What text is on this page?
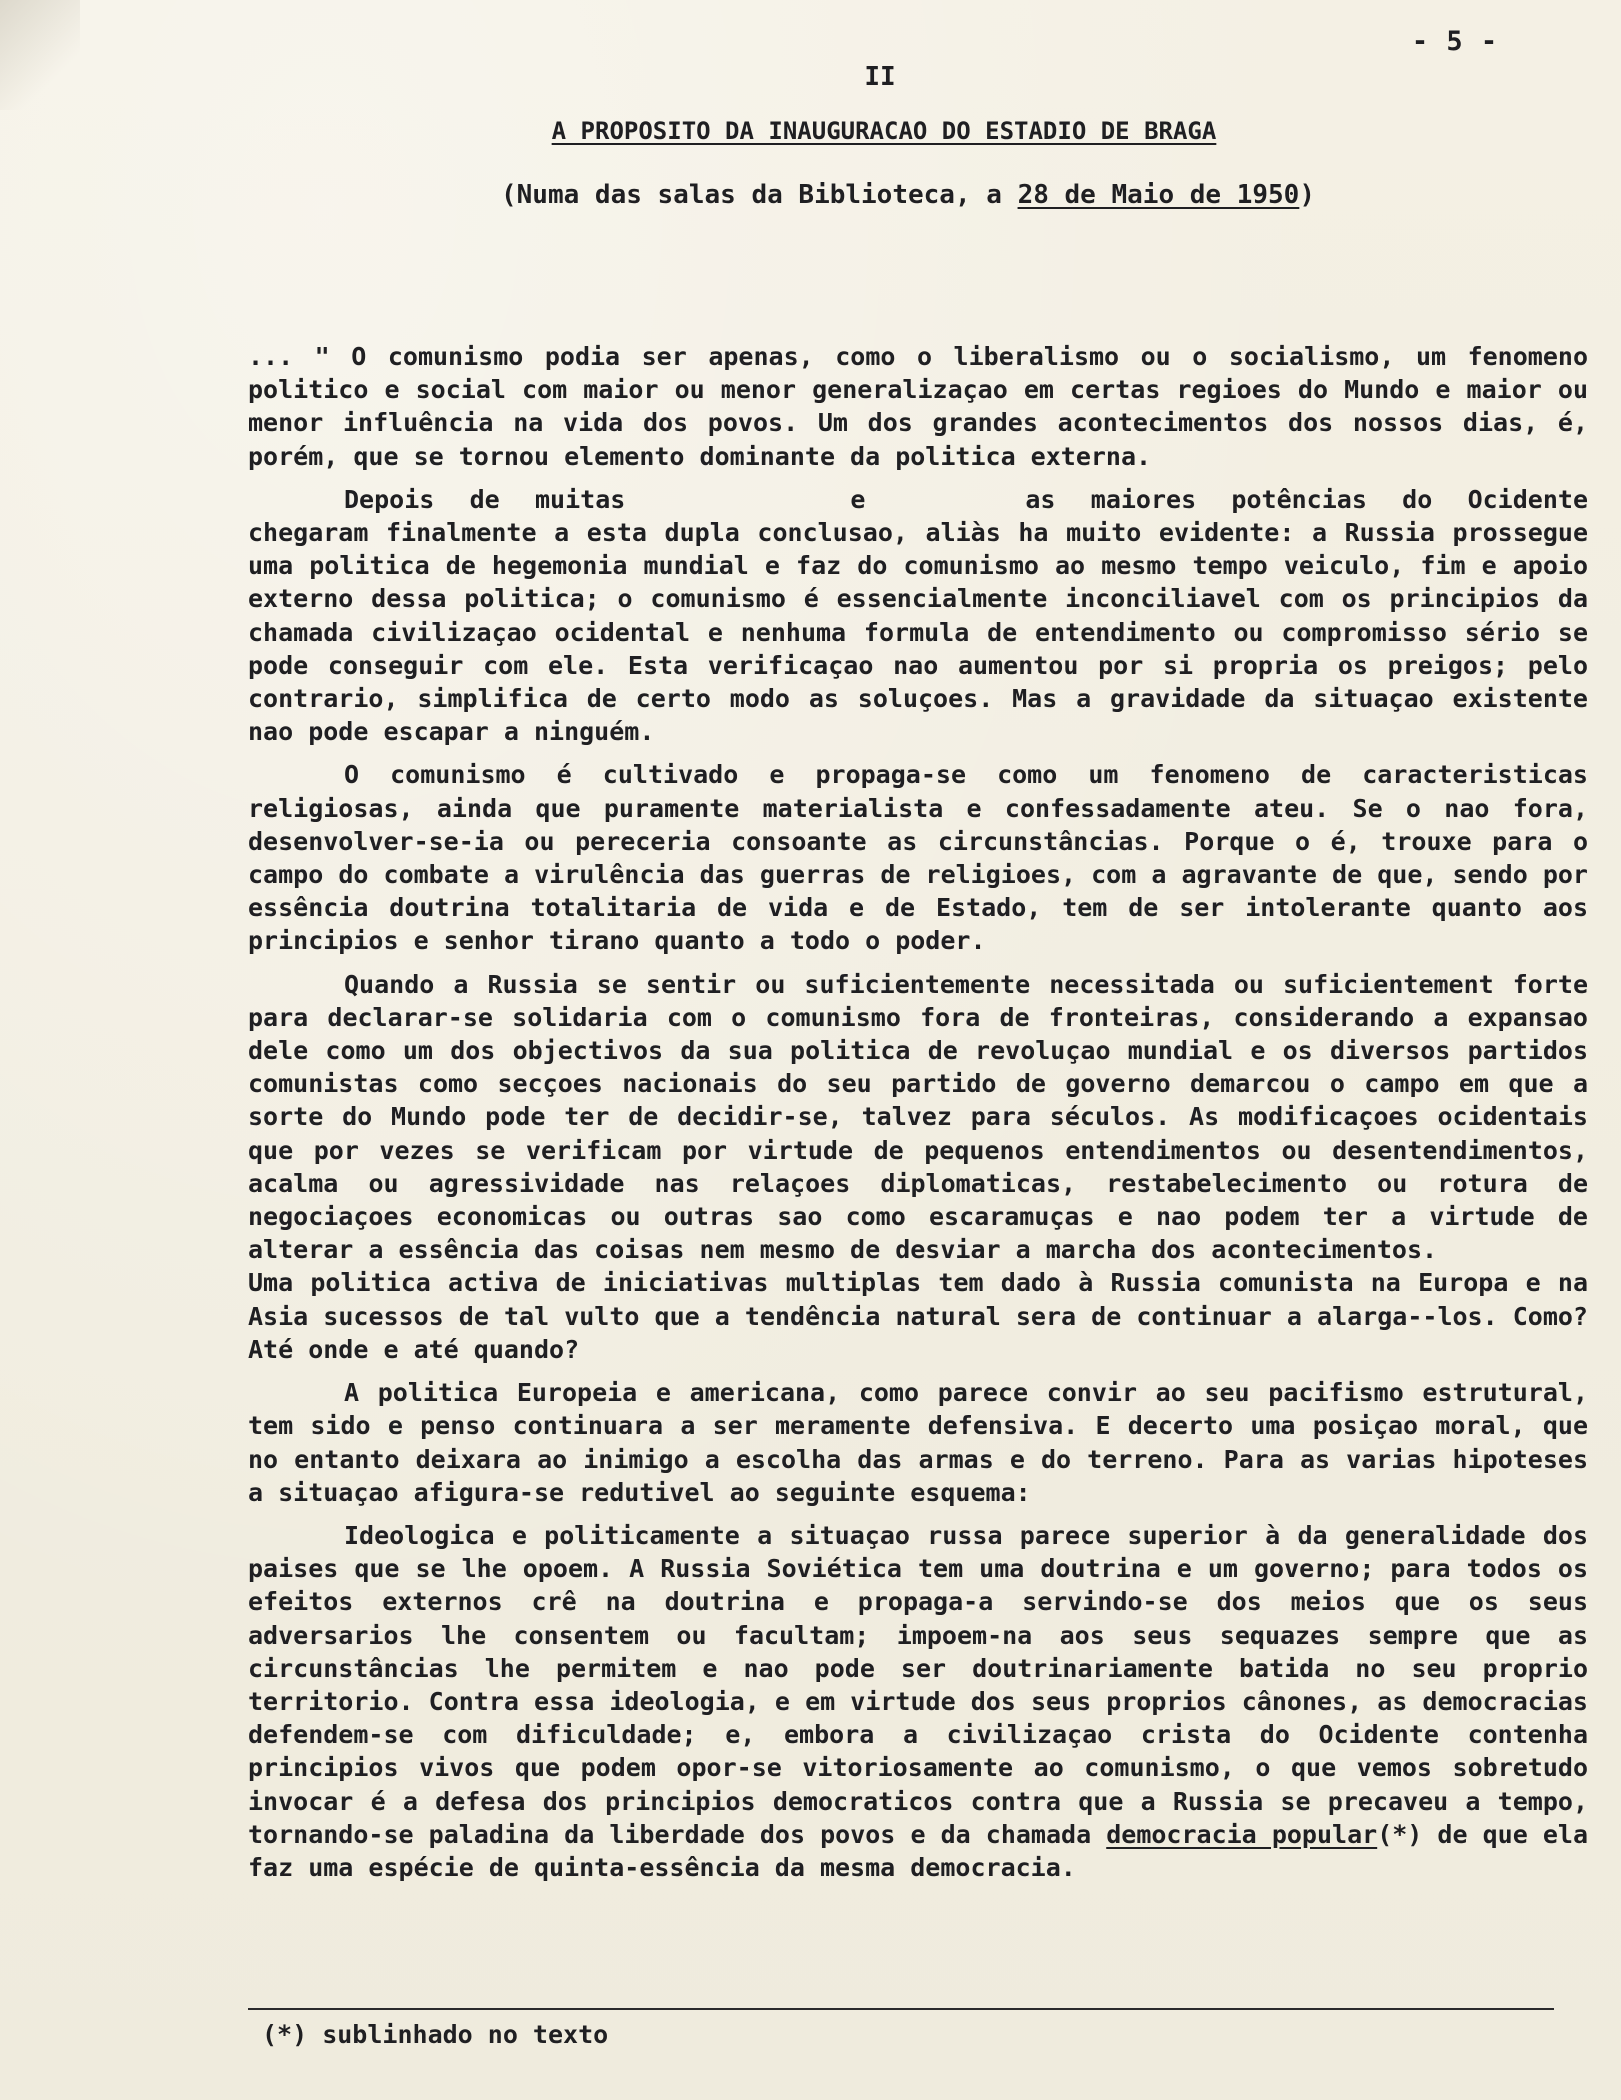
- 5 -
II
A PROPOSITO DA INAUGURACAO DO ESTADIO DE BRAGA
(Numa das salas da Biblioteca, a 28 de Maio de 1950)

... " O comunismo podia ser apenas, como o liberalismo ou o socialismo, um fenomeno politico e social com maior ou menor generalizaçao em certas regioes do Mundo e maior ou menor influência na vida dos povos. Um dos grandes acontecimentos dos nossos dias, é, porém, que se tornou elemento dominante da politica externa.

Depois de muitas	e	as maiores potências do Ocidente chegaram finalmente a esta dupla conclusao, aliàs ha muito evidente: a Russia prossegue uma politica de hegemonia mundial e faz do comunismo ao mesmo tempo veiculo, fim e apoio externo dessa politica; o comunismo é essencialmente inconciliavel com os principios da chamada civilizaçao ocidental e nenhuma formula de entendimento ou compromisso sério se pode conseguir com ele. Esta verificaçao nao aumentou por si propria os preigos; pelo contrario, simplifica de certo modo as soluçoes. Mas a gravidade da situaçao existente nao pode escapar a ninguém.

O comunismo é cultivado e propaga-se como um fenomeno de caracteristicas religiosas, ainda que puramente materialista e confessadamente ateu. Se o nao fora, desenvolver-se-ia ou pereceria consoante as circunstâncias. Porque o é, trouxe para o campo do combate a virulência das guerras de religioes, com a agravante de que, sendo por essência doutrina totalitaria de vida e de Estado, tem de ser intolerante quanto aos principios e senhor tirano quanto a todo o poder.

Quando a Russia se sentir ou suficientemente necessitada ou suficientement forte para declarar-se solidaria com o comunismo fora de fronteiras, considerando a expansao dele como um dos objectivos da sua politica de revoluçao mundial e os diversos partidos comunistas como secçoes nacionais do seu partido de governo demarcou o campo em que a sorte do Mundo pode ter de decidir-se, talvez para séculos. As modificaçoes ocidentais que por vezes se verificam por virtude de pequenos entendimentos ou desentendimentos, acalma ou agressividade nas relaçoes diplomaticas, restabelecimento ou rotura de negociaçoes economicas ou outras sao como escaramuças e nao podem ter a virtude de alterar a essência das coisas nem mesmo de desviar a marcha dos acontecimentos.

Uma politica activa de iniciativas multiplas tem dado à Russia comunista na Europa e na Asia sucessos de tal vulto que a tendência natural sera de continuar a alarga--los. Como? Até onde e até quando?

A politica Europeia e americana, como parece convir ao seu pacifismo estrutural, tem sido e penso continuara a ser meramente defensiva. E decerto uma posiçao moral, que no entanto deixara ao inimigo a escolha das armas e do terreno. Para as varias hipoteses a situaçao afigura-se redutivel ao seguinte esquema:

Ideologica e politicamente a situaçao russa parece superior à da generalidade dos paises que se lhe opoem. A Russia Soviética tem uma doutrina e um governo; para todos os efeitos externos crê na doutrina e propaga-a servindo-se dos meios que os seus adversarios lhe consentem ou facultam; impoem-na aos seus sequazes sempre que as circunstâncias lhe permitem e nao pode ser doutrinariamente batida no seu proprio territorio. Contra essa ideologia, e em virtude dos seus proprios cânones, as democracias defendem-se com dificuldade; e, embora a civilizaçao crista do Ocidente contenha principios vivos que podem opor-se vitoriosamente ao comunismo, o que vemos sobretudo invocar é a defesa dos principios democraticos contra que a Russia se precaveu a tempo, tornando-se paladina da liberdade dos povos e da chamada democracia popular(*) de que ela faz uma espécie de quinta-essência da mesma democracia.

(*) sublinhado no texto
